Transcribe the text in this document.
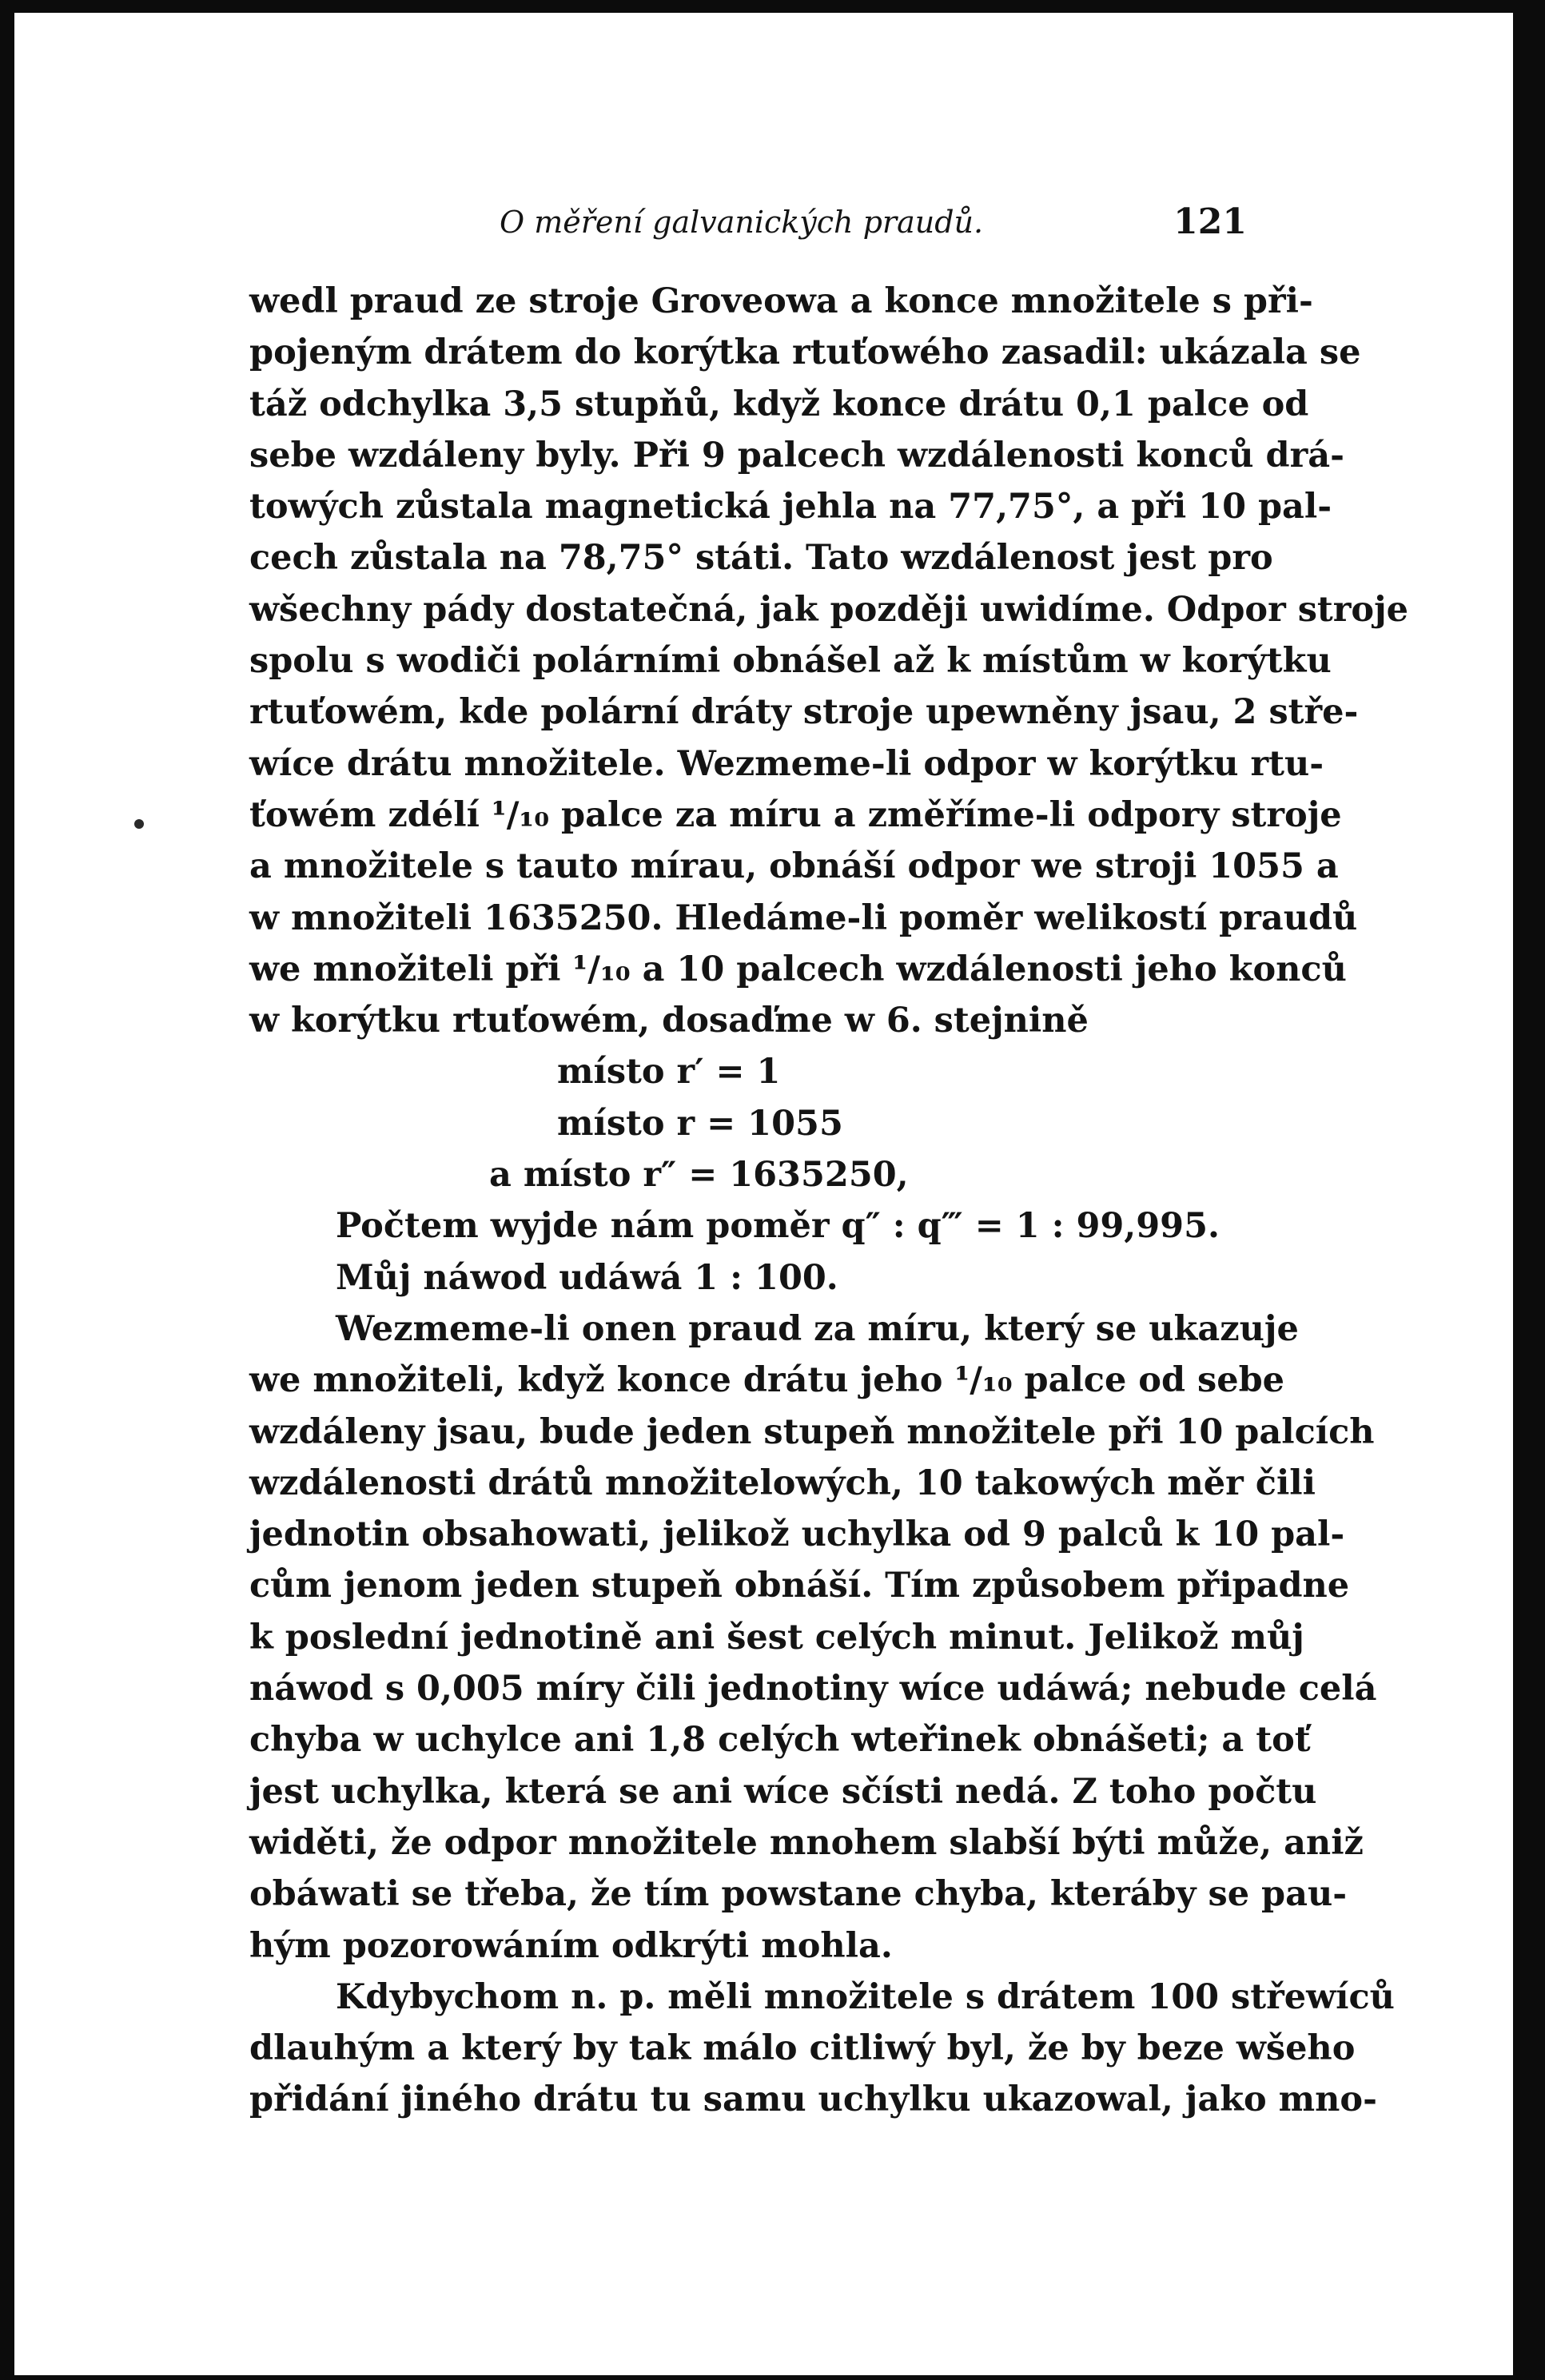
O měření galvanických praudů.	121
wedl praud ze stroje Groveowa a konce množitele s při-
pojeným drátem do korýtka rtuťowého zasadil: ukázala se
táž odchylka 3,5 stupňů, když konce drátu 0,1 palce od
sebe wzdáleny byly. Při 9 palcech wzdálenosti konců drá-
towých zůstala magnetická jehla na 77,75°, a při 10 pal-
cech zůstala na 78,75° státi. Tato wzdálenost jest pro
wšechny pády dostatečná, jak později uwidíme. Odpor stroje
spolu s wodiči polárními obnášel až k místům w korýtku
rtuťowém, kde polární dráty stroje upewněny jsau, 2 stře-
wíce drátu množitele. Wezmeme-li odpor w korýtku rtu-
ťowém zdélí ¹/₁₀ palce za míru a změříme-li odpory stroje
a množitele s tauto mírau, obnáší odpor we stroji 1055 a
w množiteli 1635250. Hledáme-li poměr welikostí praudů
we množiteli při ¹/₁₀ a 10 palcech wzdálenosti jeho konců
w korýtku rtuťowém, dosaďme w 6. stejnině
místo r′ = 1
místo r = 1055
a místo r″ = 1635250,
Počtem wyjde nám poměr q″ : q‴ = 1 : 99,995.
Můj náwod udáwá 1 : 100.
Wezmeme-li onen praud za míru, který se ukazuje
we množiteli, když konce drátu jeho ¹/₁₀ palce od sebe
wzdáleny jsau, bude jeden stupeň množitele při 10 palcích
wzdálenosti drátů množitelowých, 10 takowých měr čili
jednotin obsahowati, jelikož uchylka od 9 palců k 10 pal-
cům jenom jeden stupeň obnáší. Tím způsobem připadne
k poslední jednotině ani šest celých minut. Jelikož můj
náwod s 0,005 míry čili jednotiny wíce udáwá; nebude celá
chyba w uchylce ani 1,8 celých wteřinek obnášeti; a toť
jest uchylka, která se ani wíce sčísti nedá. Z toho počtu
widěti, že odpor množitele mnohem slabší býti může, aniž
obáwati se třeba, že tím powstane chyba, kteráby se pau-
hým pozorowáním odkrýti mohla.
Kdybychom n. p. měli množitele s drátem 100 střewíců
dlauhým a který by tak málo citliwý byl, že by beze wšeho
přidání jiného drátu tu samu uchylku ukazowal, jako mno-
